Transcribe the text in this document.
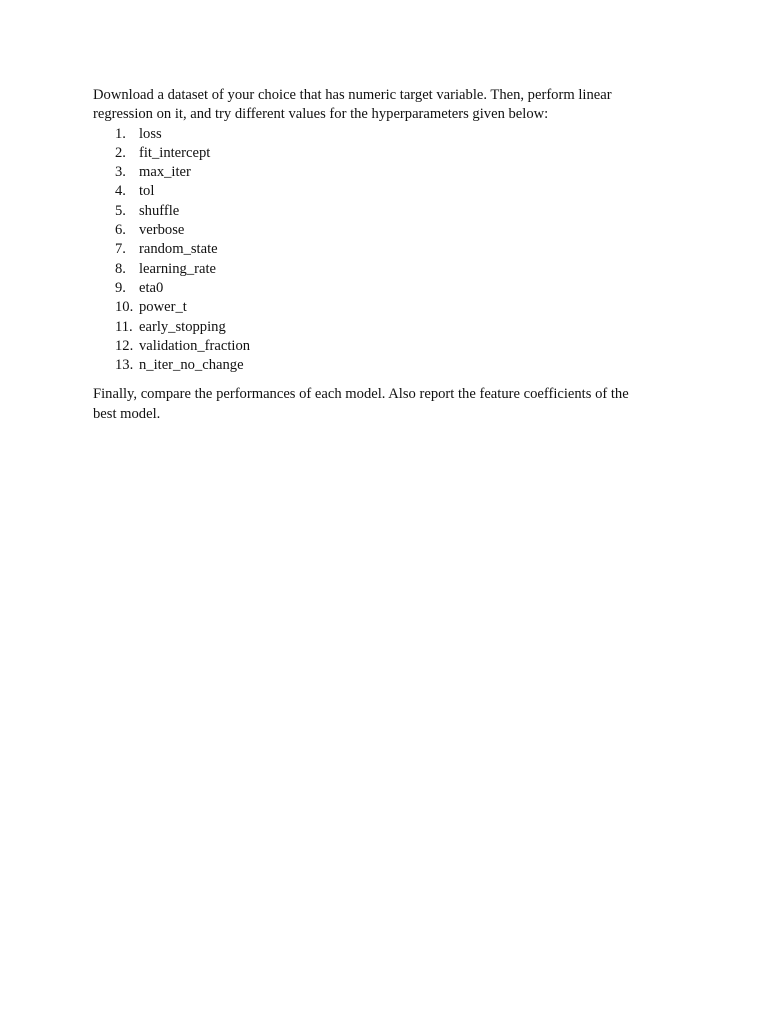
Download a dataset of your choice that has numeric target variable. Then, perform linear
regression on it, and try different values for the hyperparameters given below:

1. loss
2. fit_intercept
3. max_iter
4. tol
5. shuffle
6. verbose
7. random_state
8. learning_rate
9. eta0
10. power_t
11. early_stopping
12. validation_fraction
13. n_iter_no_change

Finally, compare the performances of each model. Also report the feature coefficients of the
best model.
